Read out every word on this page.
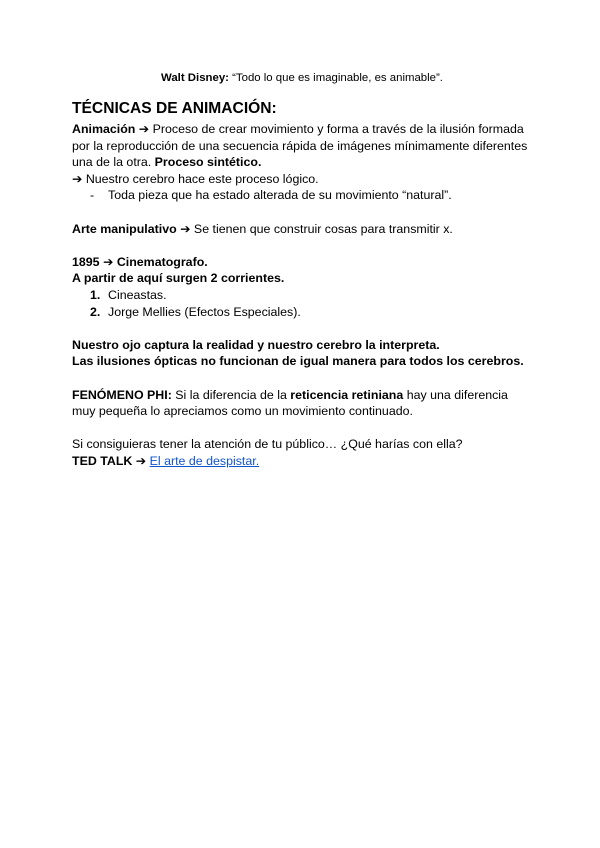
Walt Disney: “Todo lo que es imaginable, es animable”.

TÉCNICAS DE ANIMACIÓN:

Animación ➔ Proceso de crear movimiento y forma a través de la ilusión formada por la reproducción de una secuencia rápida de imágenes mínimamente diferentes una de la otra. Proceso sintético.

➔ Nuestro cerebro hace este proceso lógico.

- Toda pieza que ha estado alterada de su movimiento “natural”.

Arte manipulativo ➔ Se tienen que construir cosas para transmitir x.

1895 ➔ Cinematografo.

A partir de aquí surgen 2 corrientes.

1. Cineastas.
2. Jorge Mellies (Efectos Especiales).

Nuestro ojo captura la realidad y nuestro cerebro la interpreta.

Las ilusiones ópticas no funcionan de igual manera para todos los cerebros.

FENÓMENO PHI: Si la diferencia de la reticencia retiniana hay una diferencia muy pequeña lo apreciamos como un movimiento continuado.

Si consiguieras tener la atención de tu público… ¿Qué harías con ella?

TED TALK ➔ El arte de despistar.
